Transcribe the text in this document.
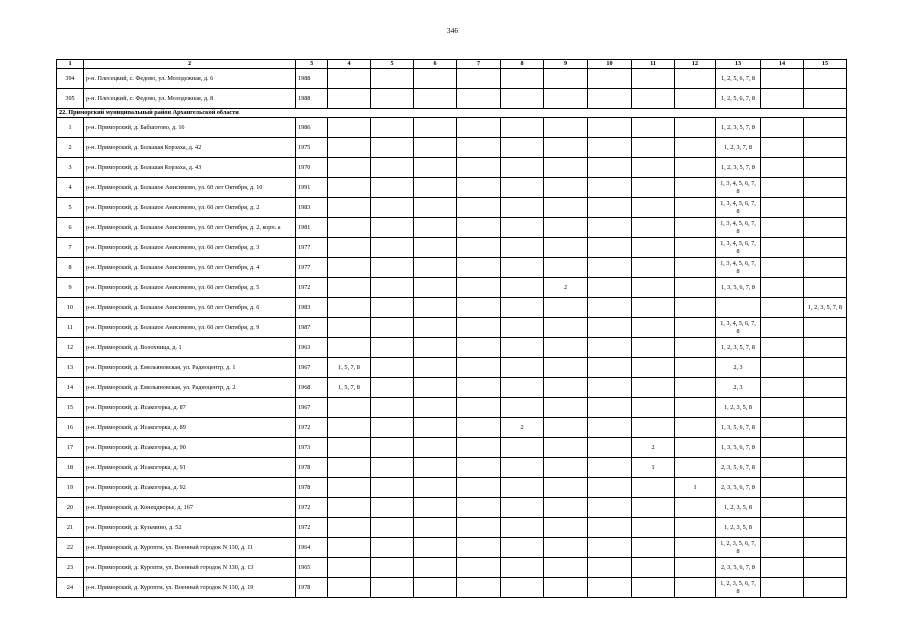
346
1	2	3	4	5	6	7	8	9	10	11	12	13	14	15
394	р-н. Плесецкий, с. Федово, ул. Молодежная, д. 6	1988										1, 2, 5, 6, 7, 8		
395	р-н. Плесецкий, с. Федово, ул. Молодежная, д. 8	1988										1, 2, 5, 6, 7, 8		
22. Приморский муниципальный район Архангельской области														
1	р-н. Приморский, д. Бабшогово, д. 16	1986										1, 2, 3, 5, 7, 8		
2	р-н. Приморский, д. Большая Корзаха, д. 42	1975										1, 2, 3, 7, 8		
3	р-н. Приморский, д. Большая Корзаха, д. 43	1970										1, 2, 3, 5, 7, 8		
4	р-н. Приморский, д. Большое Анисимово, ул. 60 лет Октября, д. 10	1991										1, 3, 4, 5, 6, 7, 8		
5	р-н. Приморский, д. Большое Анисимово, ул. 60 лет Октября, д. 2	1983										1, 3, 4, 5, 6, 7, 8		
6	р-н. Приморский, д. Большое Анисимово, ул. 60 лет Октября, д. 2, корп. а	1981										1, 3, 4, 5, 6, 7, 8		
7	р-н. Приморский, д. Большое Анисимово, ул. 60 лет Октября, д. 3	1977										1, 3, 4, 5, 6, 7, 8		
8	р-н. Приморский, д. Большое Анисимово, ул. 60 лет Октября, д. 4	1977										1, 3, 4, 5, 6, 7, 8		
9	р-н. Приморский, д. Большое Анисимово, ул. 60 лет Октября, д. 5	1972						2				1, 3, 5, 6, 7, 8		
10	р-н. Приморский, д. Большое Анисимово, ул. 60 лет Октября, д. 6	1983												1, 2, 3, 5, 7, 8
11	р-н. Приморский, д. Большое Анисимово, ул. 60 лет Октября, д. 9	1987										1, 3, 4, 5, 6, 7, 8		
12	р-н. Приморский, д. Волохница, д. 1	1963										1, 2, 3, 5, 7, 8		
13	р-н. Приморский, д. Емельяновская, ул. Радиоцентр, д. 1	1967	1, 5, 7, 8									2, 3		
14	р-н. Приморский, д. Емельяновская, ул. Радиоцентр, д. 2	1968	1, 5, 7, 8									2, 3		
15	р-н. Приморский, д. Исакогорка, д. 87	1967										1, 2, 3, 5, 8		
16	р-н. Приморский, д. Исакогорка, д. 89	1972					2					1, 3, 5, 6, 7, 8		
17	р-н. Приморский, д. Исакогорка, д. 90	1973								2		1, 3, 5, 6, 7, 8		
18	р-н. Приморский, д. Исакогорка, д. 91	1978								1		2, 3, 5, 6, 7, 8		
19	р-н. Приморский, д. Исакогорка, д. 92	1978									1	2, 3, 5, 6, 7, 8		
20	р-н. Приморский, д. Конецдворье, д. 167	1972										1, 2, 3, 5, 8		
21	р-н. Приморский, д. Кузьмино, д. 52	1972										1, 2, 3, 5, 8		
22	р-н. Приморский, д. Куропти, ул. Военный городок N 130, д. 11	1964										1, 2, 3, 5, 6, 7, 8		
23	р-н. Приморский, д. Куропти, ул. Военный городок N 130, д. 13	1965										2, 3, 5, 6, 7, 8		
24	р-н. Приморский, д. Куропти, ул. Военный городок N 130, д. 19	1978										1, 2, 3, 5, 6, 7, 8		
